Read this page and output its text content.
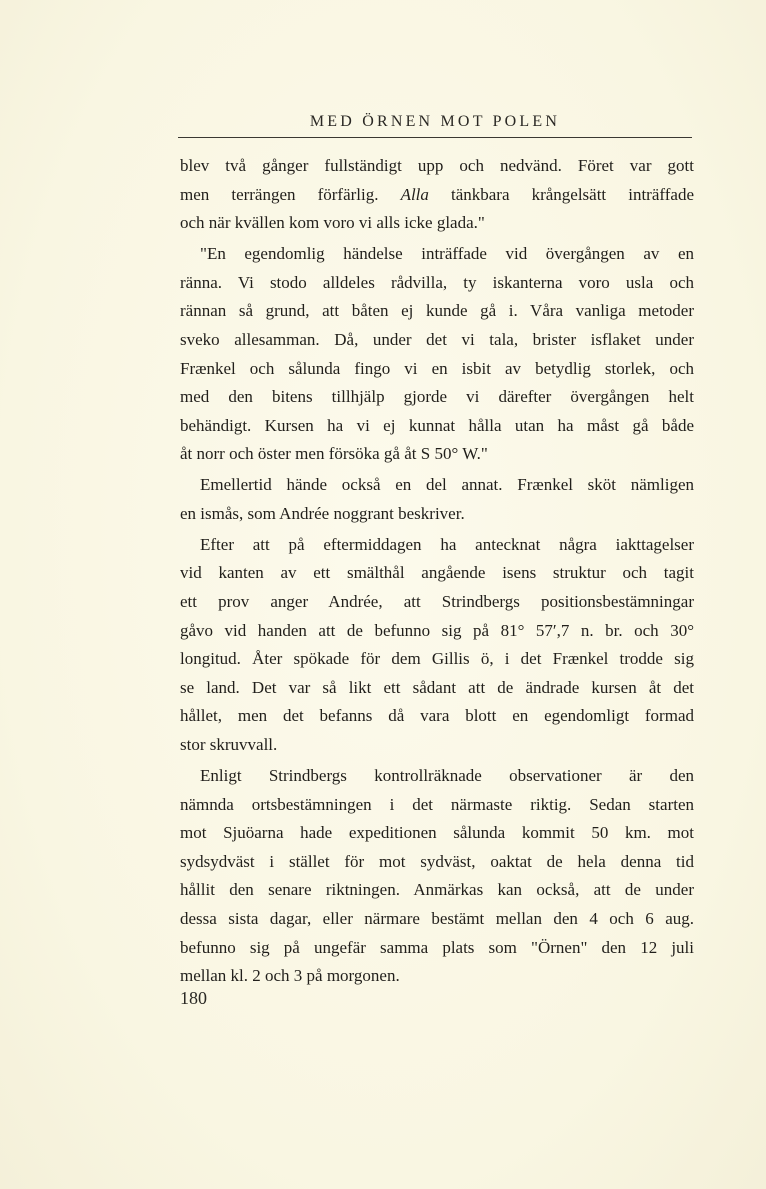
MED ÖRNEN MOT POLEN

blev två gånger fullständigt upp och nedvänd. Föret var gott
men terrängen förfärlig. Alla tänkbara krångelsätt inträffade
och när kvällen kom voro vi alls icke glada."

"En egendomlig händelse inträffade vid övergången av en
ränna. Vi stodo alldeles rådvilla, ty iskanterna voro usla och
rännan så grund, att båten ej kunde gå i. Våra vanliga metoder
sveko allesamman. Då, under det vi tala, brister isflaket under
Frænkel och sålunda fingo vi en isbit av betydlig storlek, och
med den bitens tillhjälp gjorde vi därefter övergången helt
behändigt. Kursen ha vi ej kunnat hålla utan ha måst gå både
åt norr och öster men försöka gå åt S 50° W."

Emellertid hände också en del annat. Frænkel sköt nämligen
en ismås, som Andrée noggrant beskriver.

Efter att på eftermiddagen ha antecknat några iakttagelser
vid kanten av ett smälthål angående isens struktur och tagit
ett prov anger Andrée, att Strindbergs positionsbestämningar
gåvo vid handen att de befunno sig på 81° 57′,7 n. br. och 30°
longitud. Åter spökade för dem Gillis ö, i det Frænkel trodde sig
se land. Det var så likt ett sådant att de ändrade kursen åt det
hållet, men det befanns då vara blott en egendomligt formad
stor skruvvall.

Enligt Strindbergs kontrollräknade observationer är den
nämnda ortsbestämningen i det närmaste riktig. Sedan starten
mot Sjuöarna hade expeditionen sålunda kommit 50 km. mot
sydsydväst i stället för mot sydväst, oaktat de hela denna tid
hållit den senare riktningen. Anmärkas kan också, att de under
dessa sista dagar, eller närmare bestämt mellan den 4 och 6 aug.
befunno sig på ungefär samma plats som "Örnen" den 12 juli
mellan kl. 2 och 3 på morgonen.

180
